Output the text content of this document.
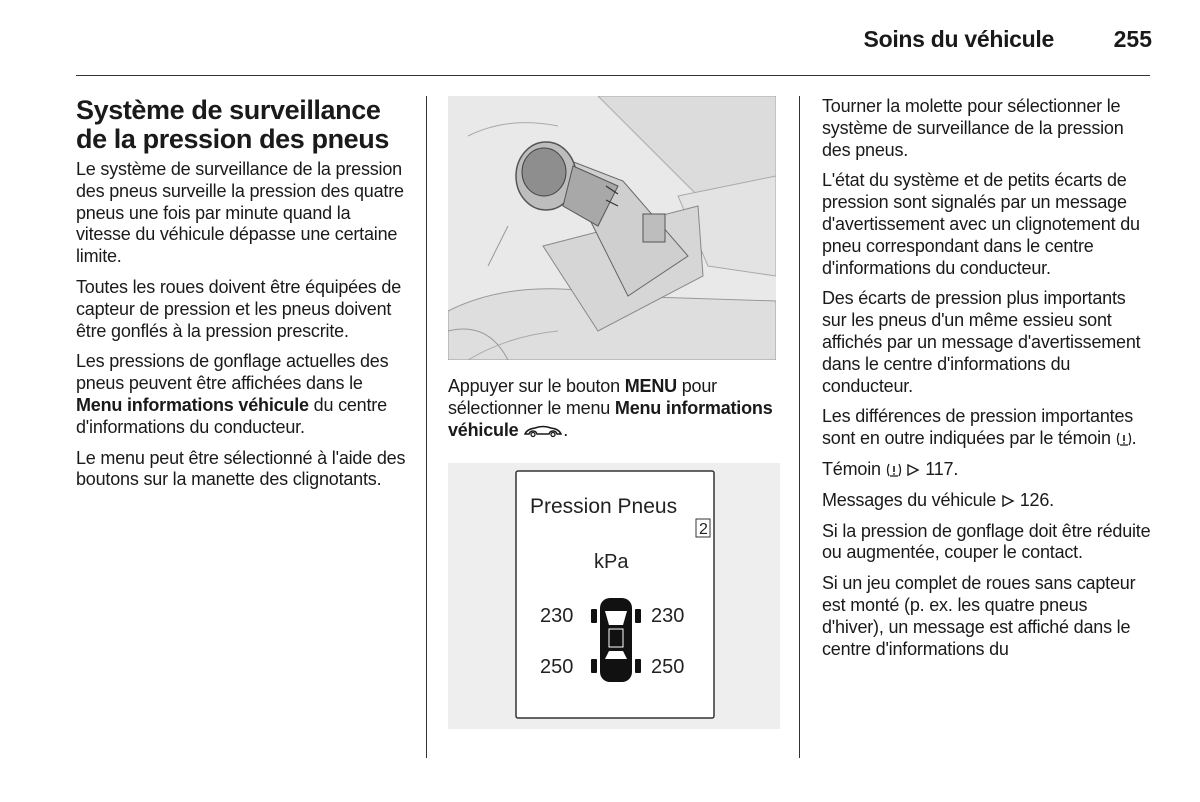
Soins du véhicule	255
Système de surveillance de la pression des pneus

Le système de surveillance de la pression des pneus surveille la pression des quatre pneus une fois par minute quand la vitesse du véhicule dépasse une certaine limite.

Toutes les roues doivent être équipées de capteur de pression et les pneus doivent être gonflés à la pression prescrite.

Les pressions de gonflage actuelles des pneus peuvent être affichées dans le Menu informations véhicule du centre d'informations du conducteur.

Le menu peut être sélectionné à l'aide des boutons sur la manette des clignotants.

Appuyer sur le bouton MENU pour sélectionner le menu Menu informations véhicule .

Pression Pneus
2
kPa
230	230
250	250

Tourner la molette pour sélectionner le système de surveillance de la pression des pneus.

L'état du système et de petits écarts de pression sont signalés par un message d'avertissement avec un clignotement du pneu correspondant dans le centre d'informations du conducteur.

Des écarts de pression plus importants sur les pneus d'un même essieu sont affichés par un message d'avertissement dans le centre d'informations du conducteur.

Les différences de pression importantes sont en outre indiquées par le témoin .

Témoin   117.

Messages du véhicule  126.

Si la pression de gonflage doit être réduite ou augmentée, couper le contact.

Si un jeu complet de roues sans capteur est monté (p. ex. les quatre pneus d'hiver), un message est affiché dans le centre d'informations du
